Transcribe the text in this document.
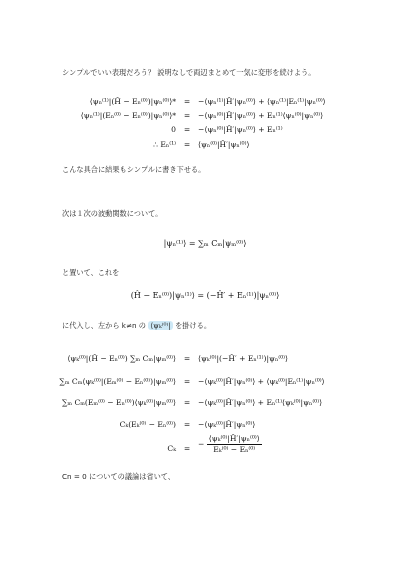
シンプルでいい表現だろう？ 説明なしで両辺まとめて一気に変形を続けよう。

⟨ψₙ⁽¹⁾|(Ĥ − Eₙ⁽⁰⁾)|ψₙ⁽⁰⁾⟩*	=	−⟨ψₙ⁽¹⁾|Ĥ′|ψₙ⁽⁰⁾⟩ + ⟨ψₙ⁽¹⁾|Eₙ⁽¹⁾|ψₙ⁽⁰⁾⟩
⟨ψₙ⁽¹⁾|(Eₙ⁽⁰⁾ − Eₙ⁽⁰⁾)|ψₙ⁽⁰⁾⟩*	=	−⟨ψₙ⁽⁰⁾|Ĥ′|ψₙ⁽⁰⁾⟩ + Eₙ⁽¹⁾⟨ψₙ⁽⁰⁾|ψₙ⁽⁰⁾⟩
0	=	−⟨ψₙ⁽⁰⁾|Ĥ′|ψₙ⁽⁰⁾⟩ + Eₙ⁽¹⁾
∴ Eₙ⁽¹⁾	=	⟨ψₙ⁽⁰⁾|Ĥ′|ψₙ⁽⁰⁾⟩

こんな具合に結果もシンプルに書き下せる。

次は１次の波動関数について。

|ψₙ⁽¹⁾⟩ = ∑ₘ Cₘ|ψₘ⁽⁰⁾⟩

と置いて、これを

(Ĥ − Eₙ⁽⁰⁾)|ψₙ⁽¹⁾⟩ = (−Ĥ′ + Eₙ⁽¹⁾)|ψₙ⁽⁰⁾⟩

に代入し、左から k≠n の ⟨ψₖ⁽⁰⁾| を掛ける。

⟨ψₖ⁽⁰⁾|(Ĥ − Eₙ⁽⁰⁾) ∑ₘ Cₘ|ψₘ⁽⁰⁾⟩	=	⟨ψₖ⁽⁰⁾|(−Ĥ′ + Eₙ⁽¹⁾)|ψₙ⁽⁰⁾⟩
∑ₘ Cₘ⟨ψₖ⁽⁰⁾|(Eₘ⁽⁰⁾ − Eₙ⁽⁰⁾)|ψₘ⁽⁰⁾⟩	=	−⟨ψₖ⁽⁰⁾|Ĥ′|ψₙ⁽⁰⁾⟩ + ⟨ψₖ⁽⁰⁾|Eₙ⁽¹⁾|ψₙ⁽⁰⁾⟩
∑ₘ Cₘ(Eₘ⁽⁰⁾ − Eₙ⁽⁰⁾)⟨ψₖ⁽⁰⁾|ψₘ⁽⁰⁾⟩	=	−⟨ψₖ⁽⁰⁾|Ĥ′|ψₙ⁽⁰⁾⟩ + Eₙ⁽¹⁾⟨ψₖ⁽⁰⁾|ψₙ⁽⁰⁾⟩
Cₖ(Eₖ⁽⁰⁾ − Eₙ⁽⁰⁾)	=	−⟨ψₖ⁽⁰⁾|Ĥ′|ψₙ⁽⁰⁾⟩
Cₖ	=	− $\frac{\text{⟨ψₖ⁽⁰⁾|Ĥ′|ψₙ⁽⁰⁾⟩}}{\text{Eₖ⁽⁰⁾ − Eₙ⁽⁰⁾}}$

Cn = 0 についての議論は省いて、
